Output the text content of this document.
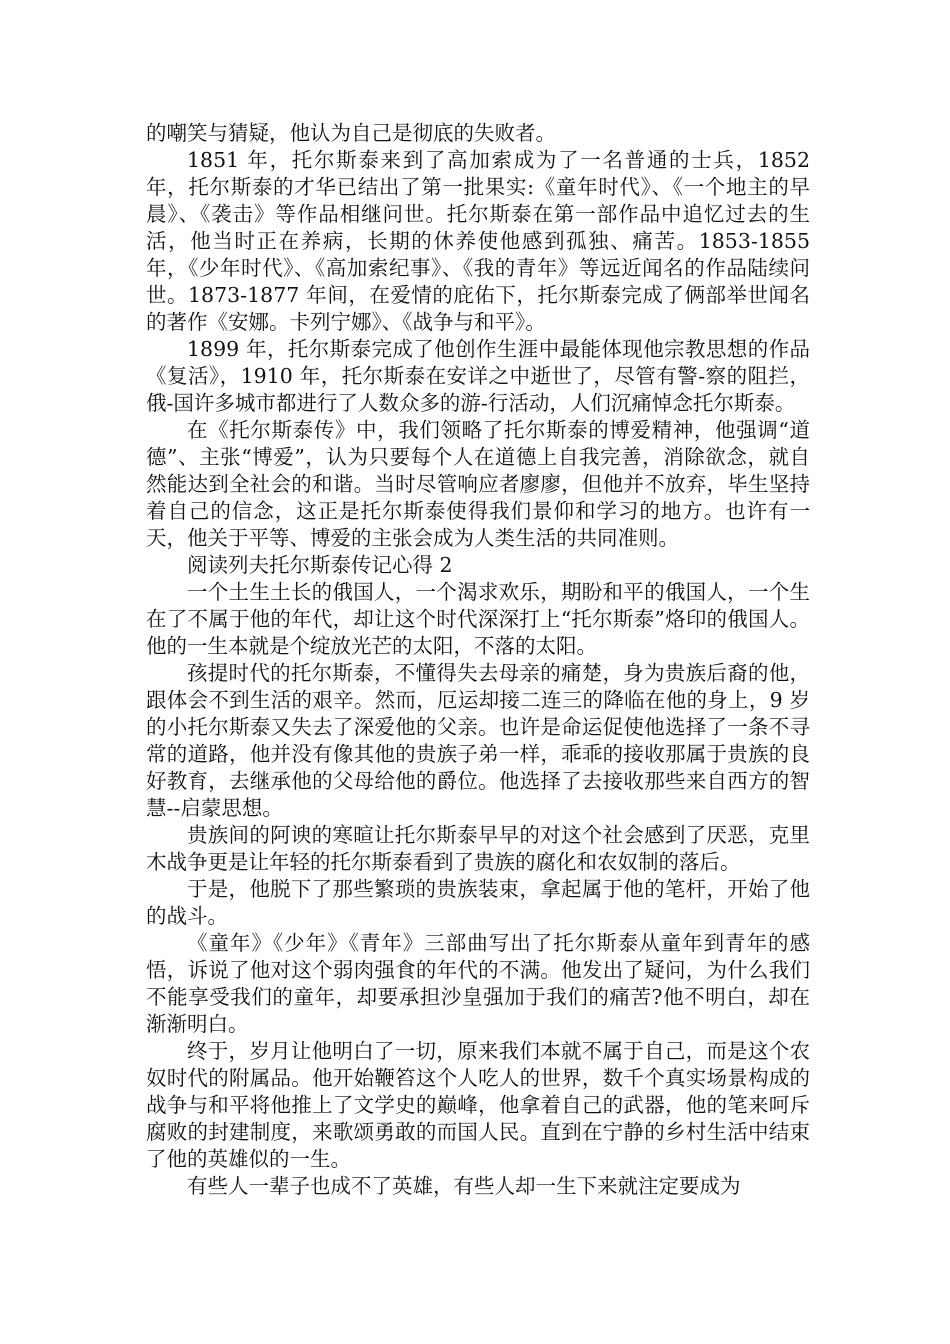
的嘲笑与猜疑，他认为自己是彻底的失败者。

1851 年，托尔斯泰来到了高加索成为了一名普通的士兵，1852 年，托尔斯泰的才华已结出了第一批果实:《童年时代》、《一个地主的早晨》、《袭击》等作品相继问世。托尔斯泰在第一部作品中追忆过去的生活，他当时正在养病，长期的休养使他感到孤独、痛苦。1853-1855 年，《少年时代》、《高加索纪事》、《我的青年》等远近闻名的作品陆续问世。1873-1877 年间，在爱情的庇佑下，托尔斯泰完成了俩部举世闻名的著作《安娜。卡列宁娜》、《战争与和平》。

1899 年，托尔斯泰完成了他创作生涯中最能体现他宗教思想的作品《复活》，1910 年，托尔斯泰在安详之中逝世了，尽管有警-察的阻拦，俄-国许多城市都进行了人数众多的游-行活动，人们沉痛悼念托尔斯泰。

在《托尔斯泰传》中，我们领略了托尔斯泰的博爱精神，他强调“道德”、主张“博爱”，认为只要每个人在道德上自我完善，消除欲念，就自然能达到全社会的和谐。当时尽管响应者廖廖，但他并不放弃，毕生坚持着自己的信念，这正是托尔斯泰使得我们景仰和学习的地方。也许有一天，他关于平等、博爱的主张会成为人类生活的共同准则。

阅读列夫托尔斯泰传记心得 2

一个土生土长的俄国人，一个渴求欢乐，期盼和平的俄国人，一个生在了不属于他的年代，却让这个时代深深打上“托尔斯泰”烙印的俄国人。他的一生本就是个绽放光芒的太阳，不落的太阳。

孩提时代的托尔斯泰，不懂得失去母亲的痛楚，身为贵族后裔的他，跟体会不到生活的艰辛。然而，厄运却接二连三的降临在他的身上，9 岁的小托尔斯泰又失去了深爱他的父亲。也许是命运促使他选择了一条不寻常的道路，他并没有像其他的贵族子弟一样，乖乖的接收那属于贵族的良好教育，去继承他的父母给他的爵位。他选择了去接收那些来自西方的智慧--启蒙思想。

贵族间的阿谀的寒暄让托尔斯泰早早的对这个社会感到了厌恶，克里木战争更是让年轻的托尔斯泰看到了贵族的腐化和农奴制的落后。

于是，他脱下了那些繁琐的贵族装束，拿起属于他的笔杆，开始了他的战斗。

《童年》《少年》《青年》三部曲写出了托尔斯泰从童年到青年的感悟，诉说了他对这个弱肉强食的年代的不满。他发出了疑问，为什么我们不能享受我们的童年，却要承担沙皇强加于我们的痛苦?他不明白，却在渐渐明白。

终于，岁月让他明白了一切，原来我们本就不属于自己，而是这个农奴时代的附属品。他开始鞭笞这个人吃人的世界，数千个真实场景构成的战争与和平将他推上了文学史的巅峰，他拿着自己的武器，他的笔来呵斥腐败的封建制度，来歌颂勇敢的而国人民。直到在宁静的乡村生活中结束了他的英雄似的一生。

有些人一辈子也成不了英雄，有些人却一生下来就注定要成为
